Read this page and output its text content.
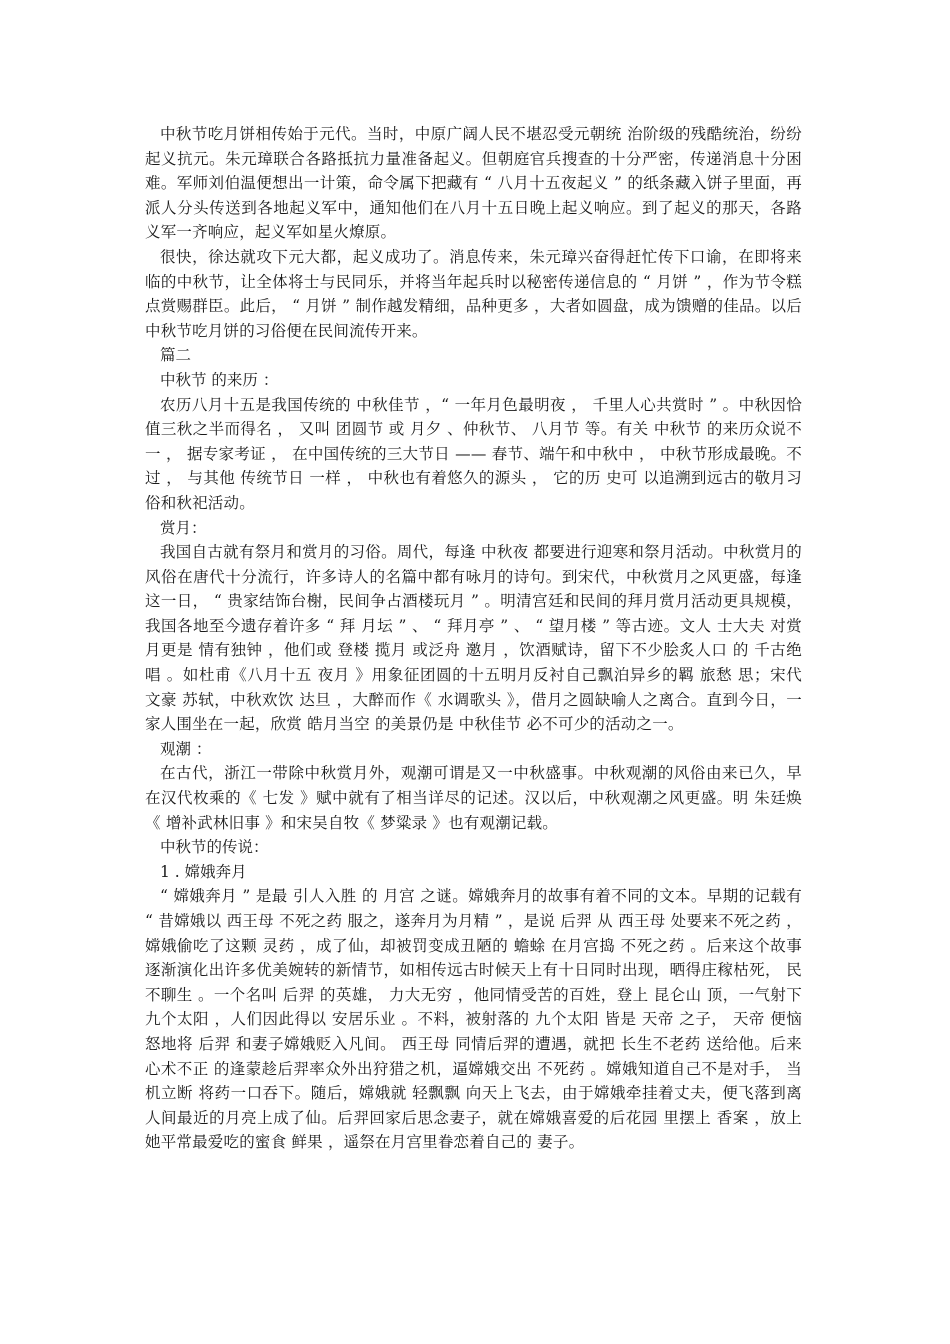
中秋节吃月饼相传始于元代。当时，中原广阔人民不堪忍受元朝统 治阶级的残酷统治，纷纷起义抗元。朱元璋联合各路抵抗力量准备起义。但朝庭官兵搜查的十分严密，传递消息十分困难。军师刘伯温便想出一计策，命令属下把藏有 “ 八月十五夜起义 ” 的纸条藏入饼子里面，再派人分头传送到各地起义军中，通知他们在八月十五日晚上起义响应。到了起义的那天，各路义军一齐响应，起义军如星火燎原。

很快，徐达就攻下元大都，起义成功了。消息传来，朱元璋兴奋得赶忙传下口谕，在即将来临的中秋节，让全体将士与民同乐，并将当年起兵时以秘密传递信息的 “ 月饼 ” ，作为节令糕点赏赐群臣。此后， “ 月饼 ” 制作越发精细，品种更多 ，大者如圆盘，成为馈赠的佳品。以后中秋节吃月饼的习俗便在民间流传开来。

篇二

中秋节 的来历 ：

农历八月十五是我国传统的 中秋佳节 ，“ 一年月色最明夜 ， 千里人心共赏时 ” 。中秋因恰值三秋之半而得名 ， 又叫 团圆节 或 月夕 、仲秋节、 八月节 等。有关 中秋节 的来历众说不一 ， 据专家考证 ， 在中国传统的三大节日 —— 春节、端午和中秋中 ， 中秋节形成最晚。不过 ， 与其他 传统节日 一样 ， 中秋也有着悠久的源头 ， 它的历 史可 以追溯到远古的敬月习俗和秋祀活动。

赏月：

我国自古就有祭月和赏月的习俗。周代，每逢 中秋夜 都要进行迎寒和祭月活动。中秋赏月的风俗在唐代十分流行，许多诗人的名篇中都有咏月的诗句。到宋代，中秋赏月之风更盛，每逢这一日， “ 贵家结饰台榭，民间争占酒楼玩月 ” 。明清宫廷和民间的拜月赏月活动更具规模，我国各地至今遗存着许多 “ 拜 月坛 ” 、 “ 拜月亭 ” 、 “ 望月楼 ” 等古迹。文人 士大夫 对赏月更是 情有独钟 ，他们或 登楼 揽月 或泛舟 邀月 ，饮酒赋诗，留下不少脍炙人口 的 千古绝唱 。如杜甫《八月十五 夜月 》用象征团圆的十五明月反衬自己飘泊异乡的羁 旅愁 思；宋代 文豪 苏轼，中秋欢饮 达旦 ，大醉而作《 水调歌头 》，借月之圆缺喻人之离合。直到今日，一家人围坐在一起，欣赏 皓月当空 的美景仍是 中秋佳节 必不可少的活动之一。

观潮 ：

在古代，浙江一带除中秋赏月外，观潮可谓是又一中秋盛事。中秋观潮的风俗由来已久，早在汉代枚乘的《 七发 》赋中就有了相当详尽的记述。汉以后，中秋观潮之风更盛。明 朱廷焕《 增补武林旧事 》和宋吴自牧《 梦粱录 》也有观潮记载。

中秋节的传说：

1 . 嫦娥奔月

“ 嫦娥奔月 ” 是最 引人入胜 的 月宫 之谜。嫦娥奔月的故事有着不同的文本。早期的记载有 “ 昔嫦娥以 西王母 不死之药 服之，遂奔月为月精 ” ，是说 后羿 从 西王母 处要来不死之药 ，嫦娥偷吃了这颗 灵药 ，成了仙，却被罚变成丑陋的 蟾蜍 在月宫捣 不死之药 。后来这个故事逐渐演化出许多优美婉转的新情节，如相传远古时候天上有十日同时出现，晒得庄稼枯死， 民不聊生 。一个名叫 后羿 的英雄， 力大无穷 ，他同情受苦的百姓，登上 昆仑山 顶，一气射下 九个太阳 ，人们因此得以 安居乐业 。不料，被射落的 九个太阳 皆是 天帝 之子， 天帝 便恼怒地将 后羿 和妻子嫦娥贬入凡间。 西王母 同情后羿的遭遇，就把 长生不老药 送给他。后来 心术不正 的逢蒙趁后羿率众外出狩猎之机，逼嫦娥交出 不死药 。嫦娥知道自己不是对手， 当机立断 将药一口吞下。随后，嫦娥就 轻飘飘 向天上飞去，由于嫦娥牵挂着丈夫，便飞落到离人间最近的月亮上成了仙。后羿回家后思念妻子，就在嫦娥喜爱的后花园 里摆上 香案 ，放上她平常最爱吃的蜜食 鲜果 ，遥祭在月宫里眷恋着自己的 妻子。
